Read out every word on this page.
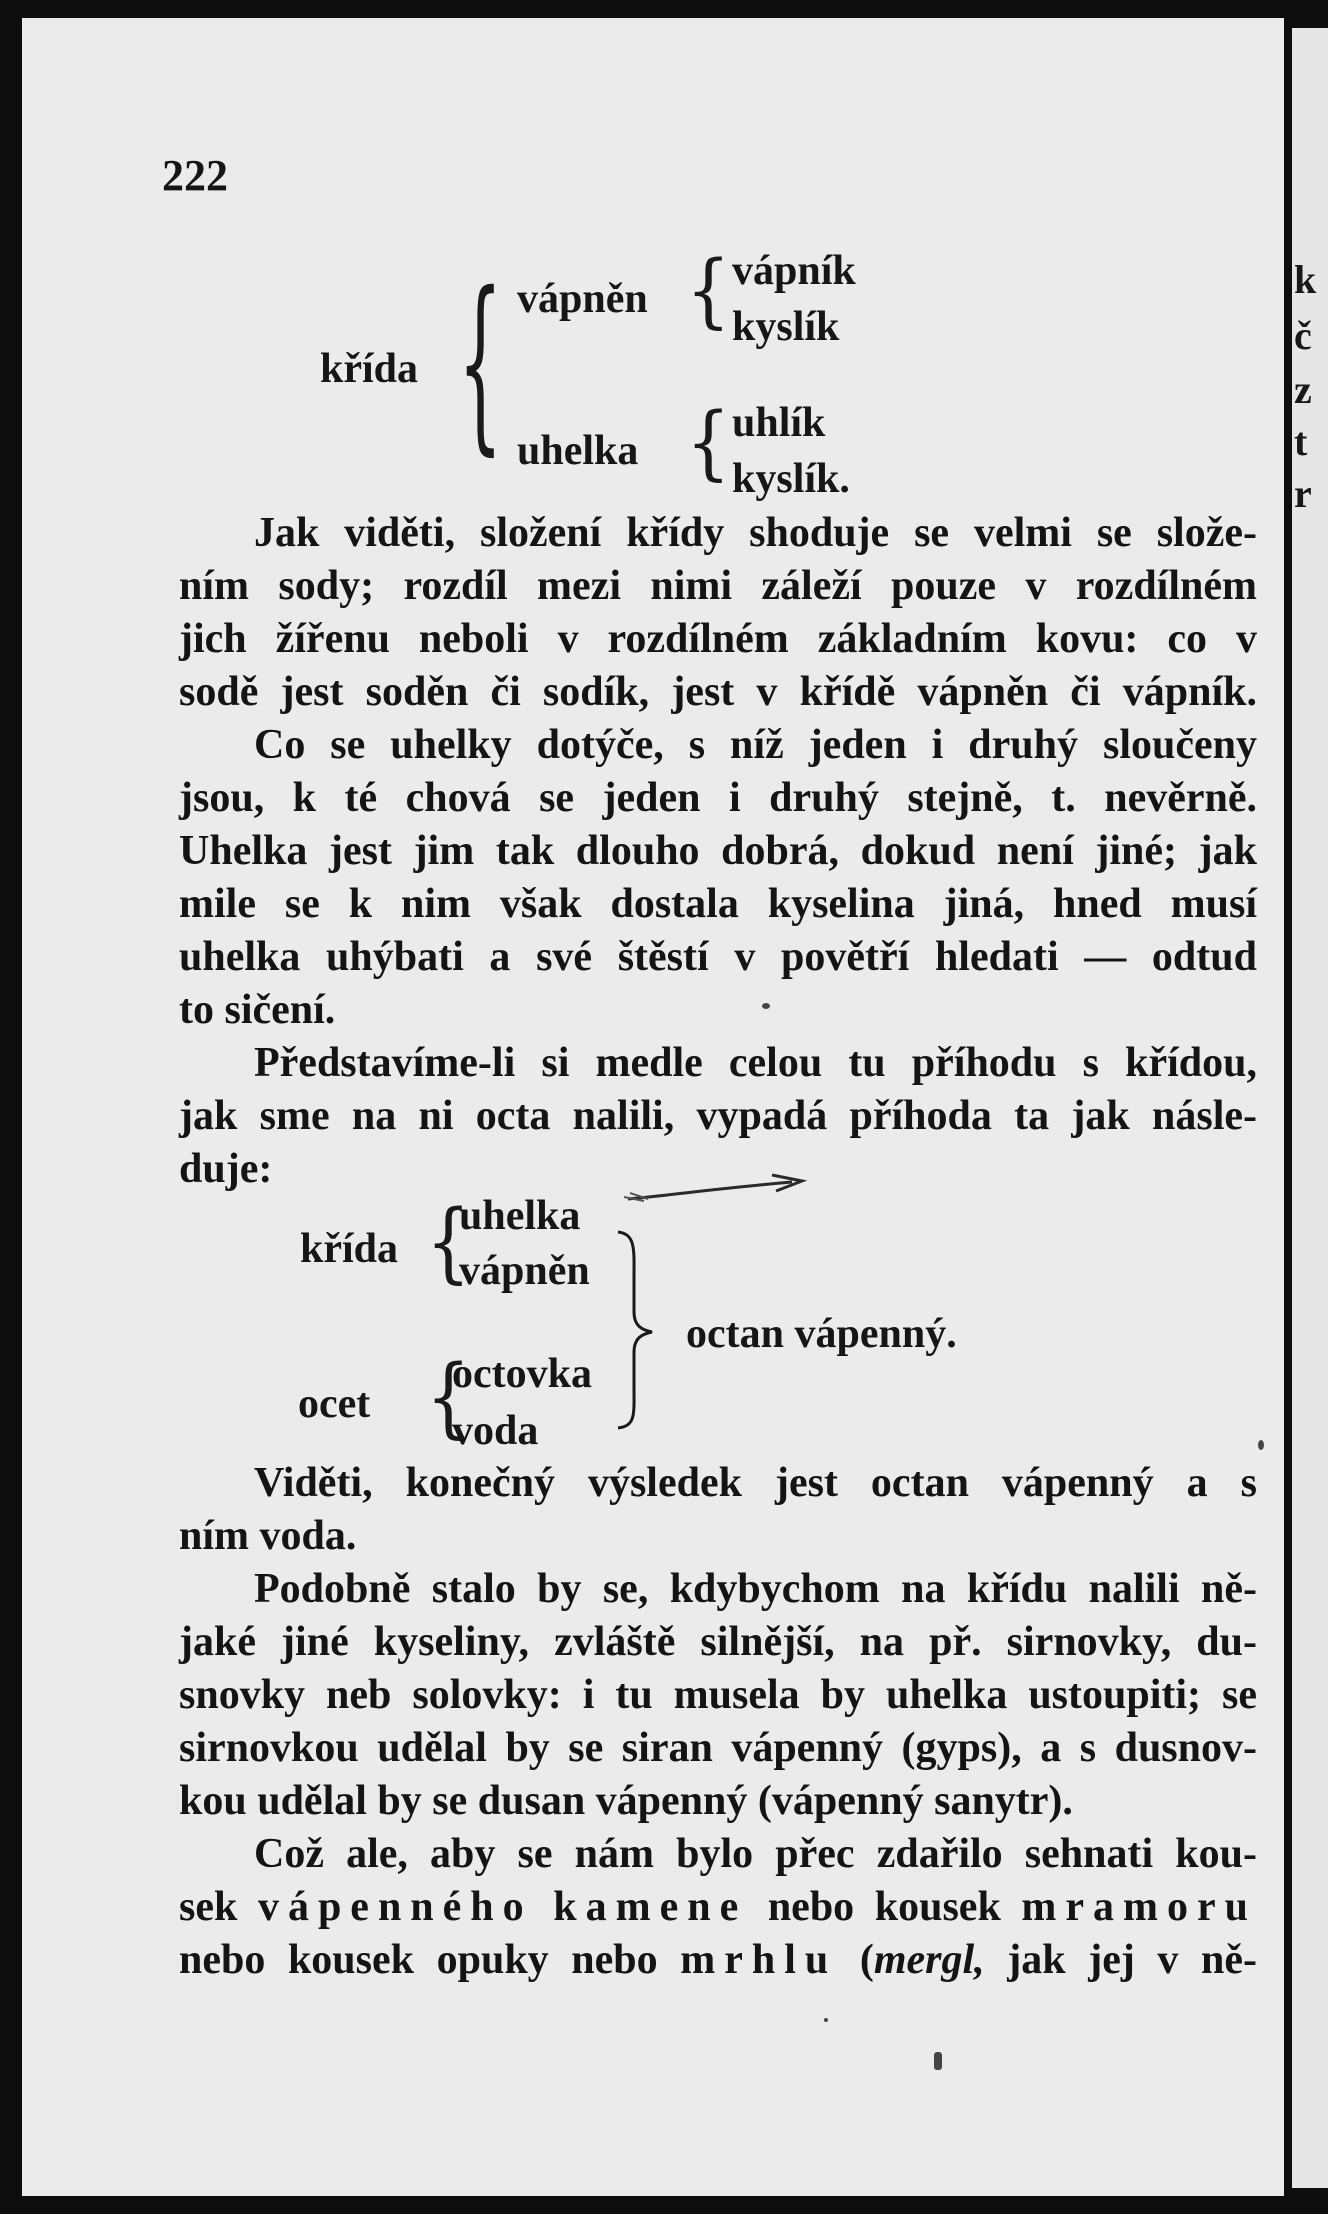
222
křída { vápněn { vápník
kyslík
uhelka { uhlík
kyslík.
Jak viděti, složení křídy shoduje se velmi se slože-
ním sody; rozdíl mezi nimi záleží pouze v rozdílném
jich žířenu neboli v rozdílném základním kovu: co v
sodě jest soděn či sodík, jest v křídě vápněn či vápník.
Co se uhelky dotýče, s níž jeden i druhý sloučeny
jsou, k té chová se jeden i druhý stejně, t. nevěrně.
Uhelka jest jim tak dlouho dobrá, dokud není jiné; jak
mile se k nim však dostala kyselina jiná, hned musí
uhelka uhýbati a své štěstí v povětří hledati — odtud
to sičení.
Představíme-li si medle celou tu příhodu s křídou,
jak sme na ni octa nalili, vypadá příhoda ta jak násle-
duje:
křída {
uhelka
vápněn
ocet {
octovka
voda
octan vápenný.
Viděti, konečný výsledek jest octan vápenný a s
ním voda.
Podobně stalo by se, kdybychom na křídu nalili ně-
jaké jiné kyseliny, zvláště silnější, na př. sirnovky, du-
snovky neb solovky: i tu musela by uhelka ustoupiti; se
sirnovkou udělal by se siran vápenný (gyps), a s dusnov-
kou udělal by se dusan vápenný (vápenný sanytr).
Což ale, aby se nám bylo přec zdařilo sehnati kou-
sek vápenného kamene nebo kousek mramoru
nebo kousek opuky nebo mrhlu (mergl, jak jej v ně-
k
č
z
t
r
